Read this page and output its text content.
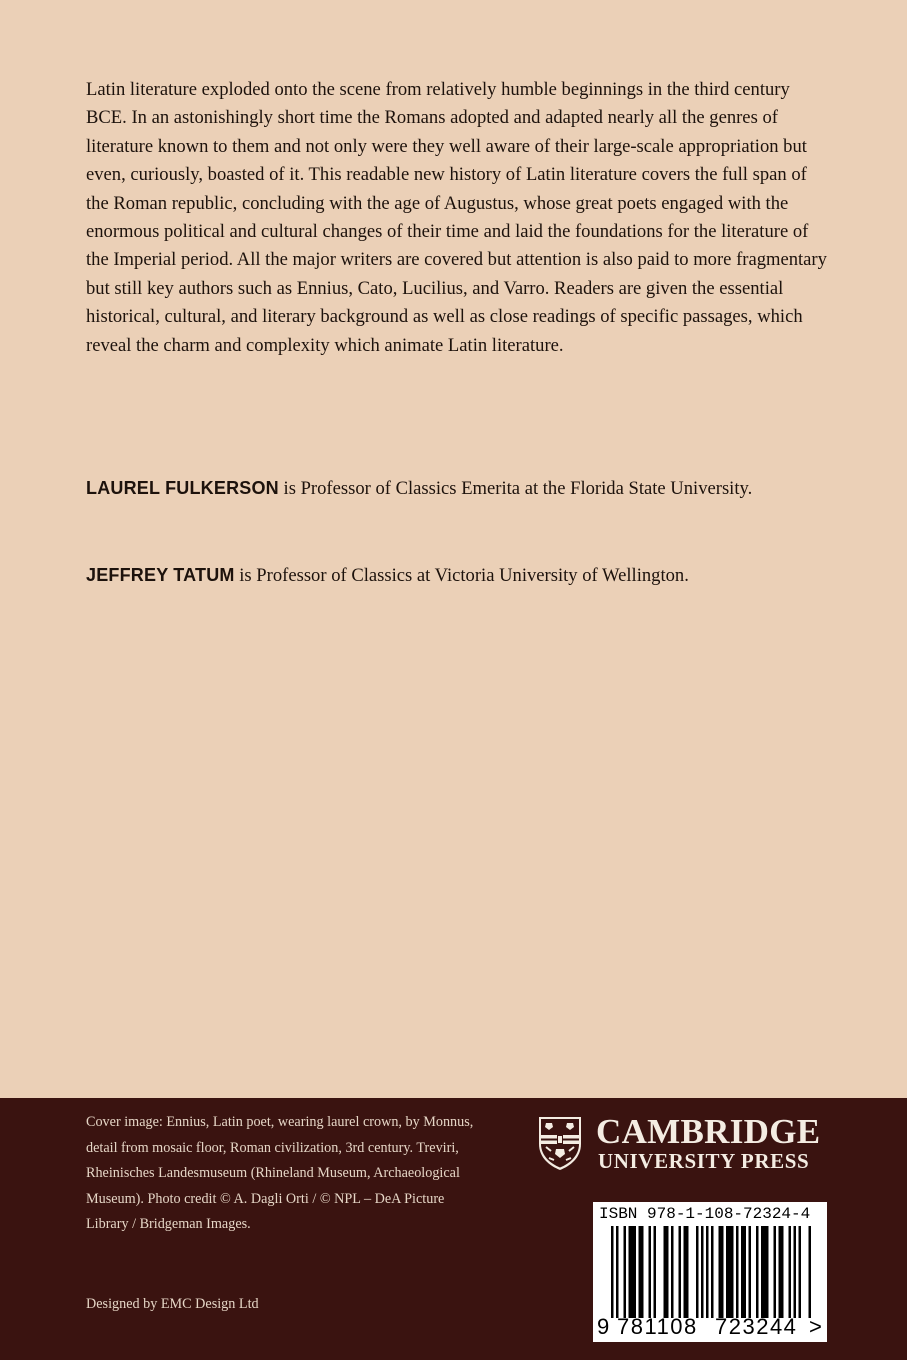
Latin literature exploded onto the scene from relatively humble beginnings in the third century BCE. In an astonishingly short time the Romans adopted and adapted nearly all the genres of literature known to them and not only were they well aware of their large-scale appropriation but even, curiously, boasted of it. This readable new history of Latin literature covers the full span of the Roman republic, concluding with the age of Augustus, whose great poets engaged with the enormous political and cultural changes of their time and laid the foundations for the literature of the Imperial period. All the major writers are covered but attention is also paid to more fragmentary but still key authors such as Ennius, Cato, Lucilius, and Varro. Readers are given the essential historical, cultural, and literary background as well as close readings of specific passages, which reveal the charm and complexity which animate Latin literature.

LAUREL FULKERSON is Professor of Classics Emerita at the Florida State University.

JEFFREY TATUM is Professor of Classics at Victoria University of Wellington.

Cover image: Ennius, Latin poet, wearing laurel crown, by Monnus, detail from mosaic floor, Roman civilization, 3rd century. Treviri, Rheinisches Landesmuseum (Rhineland Museum, Archaeological Museum). Photo credit © A. Dagli Orti / © NPL – DeA Picture Library / Bridgeman Images.

Designed by EMC Design Ltd

CAMBRIDGE
UNIVERSITY PRESS
ISBN 978-1-108-72324-4
9 781108 723244 >
